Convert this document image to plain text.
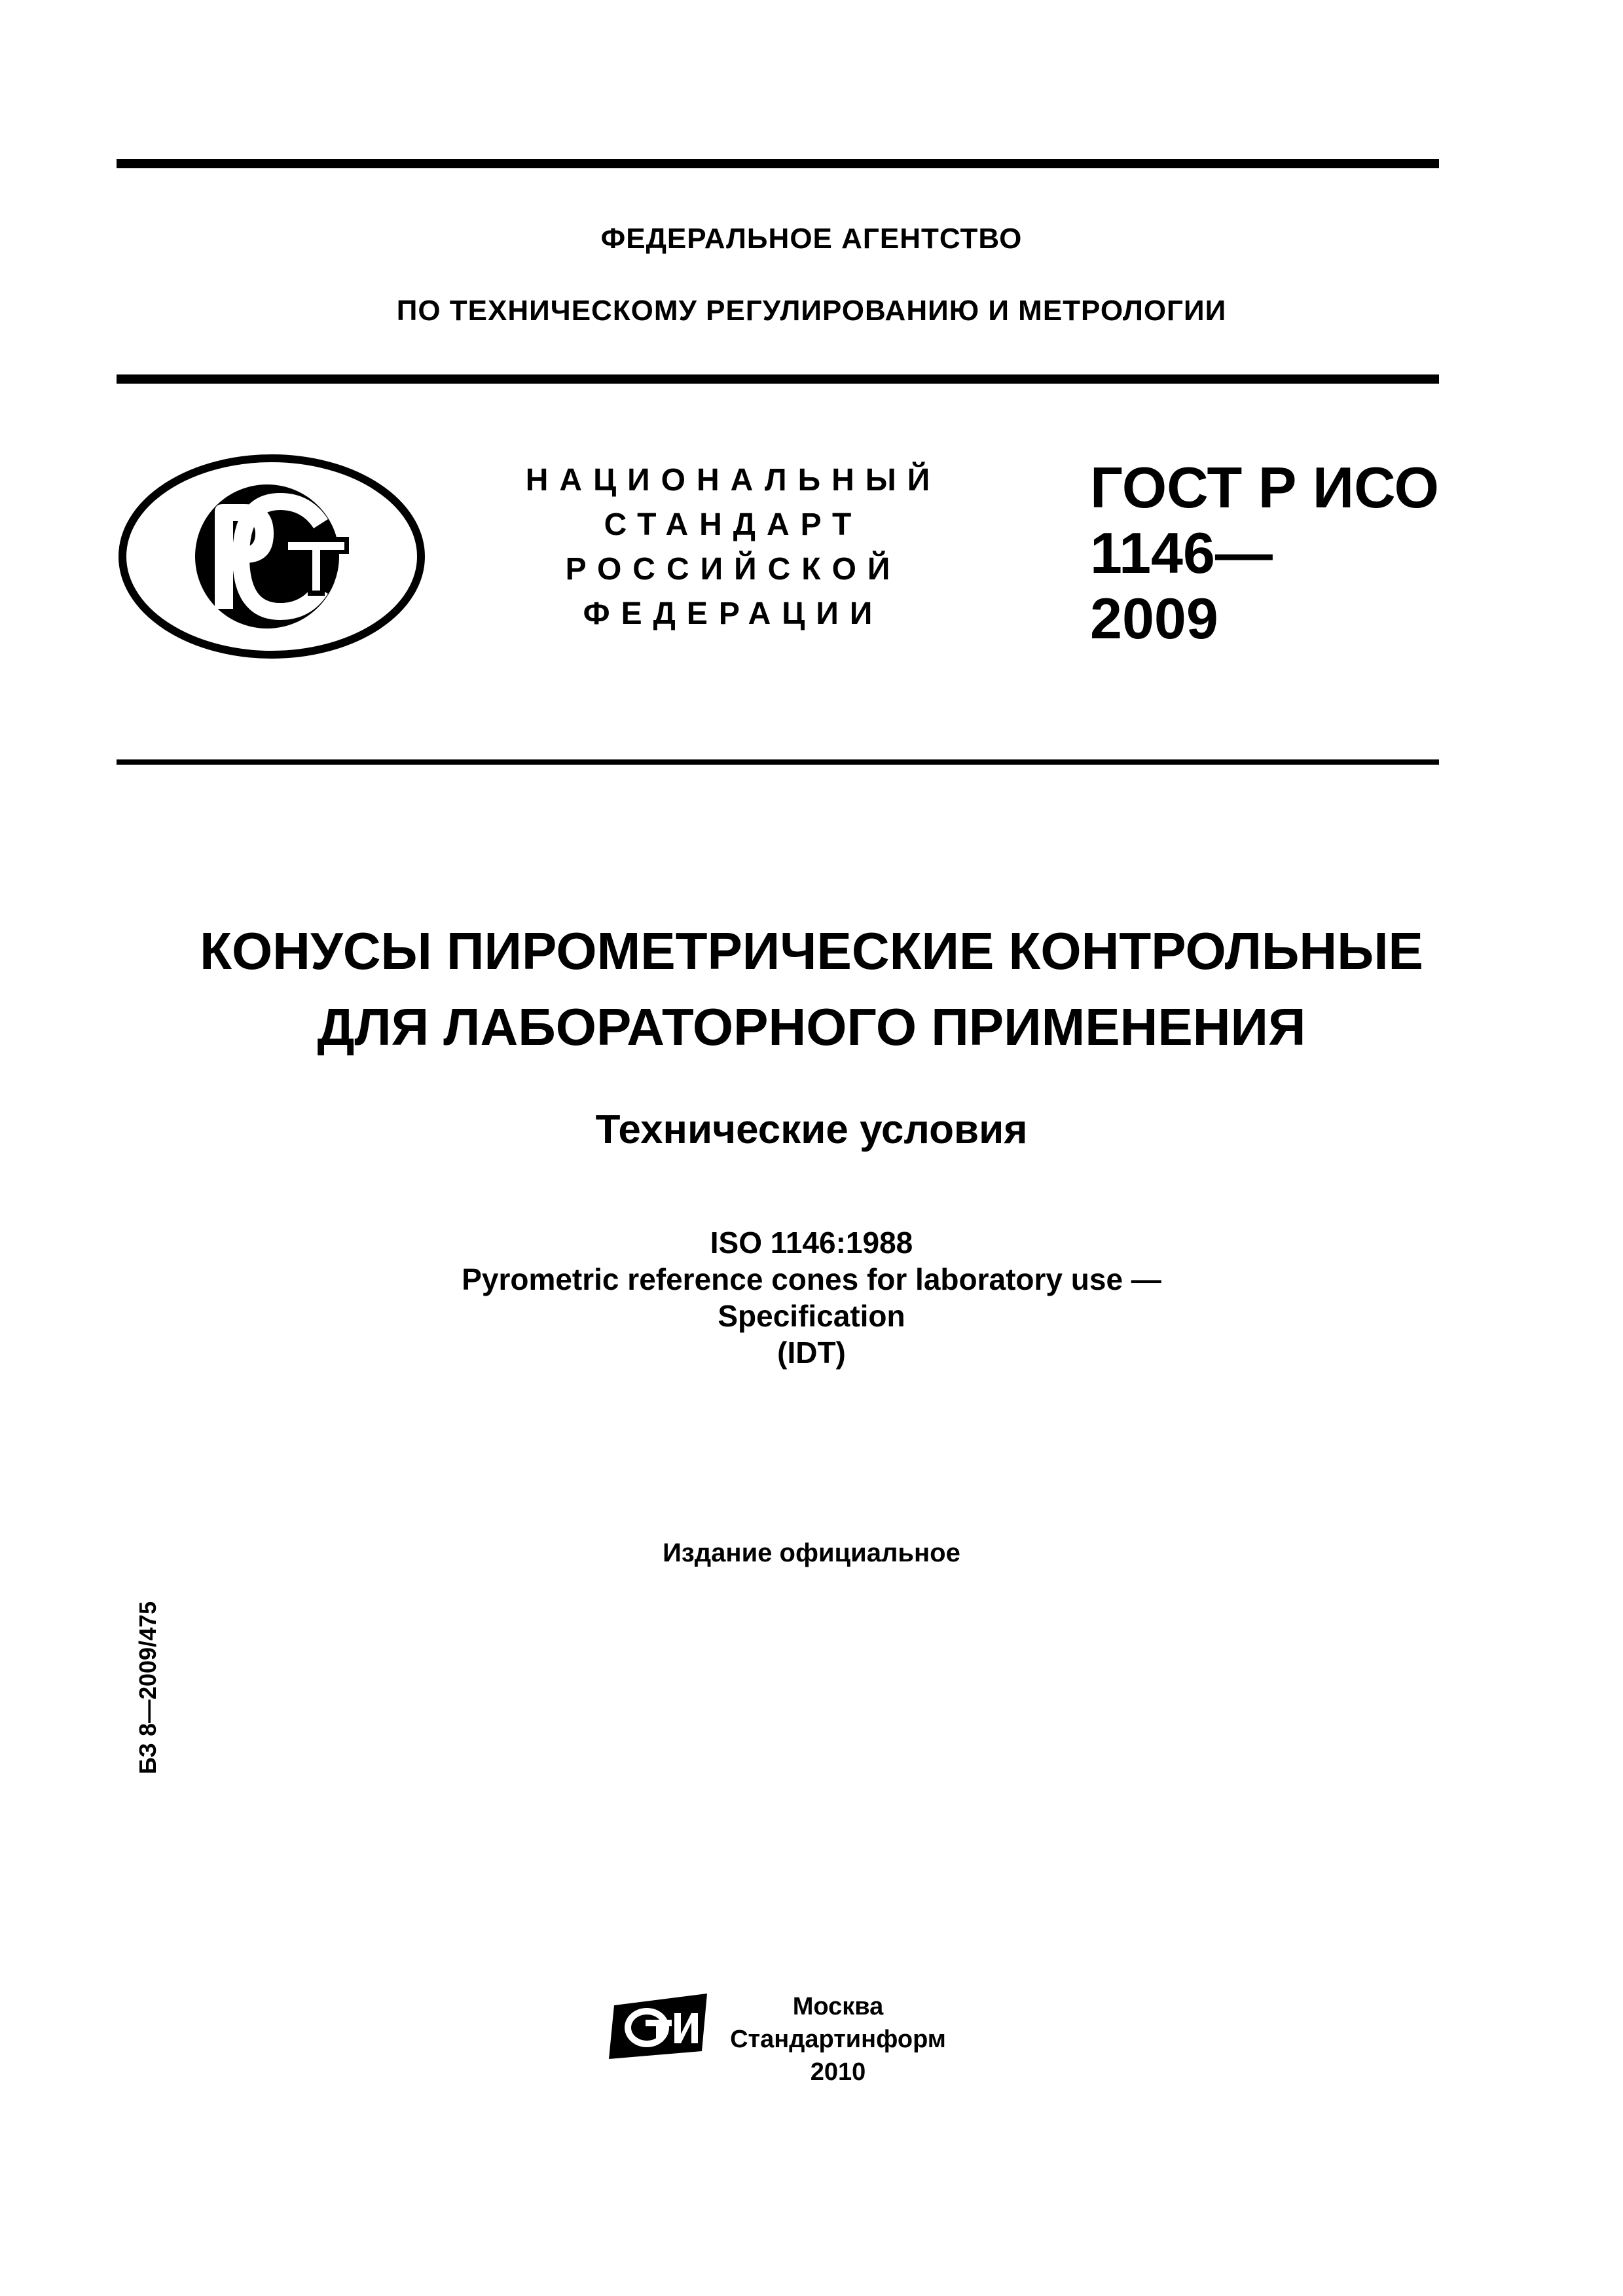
ФЕДЕРАЛЬНОЕ АГЕНТСТВО
ПО ТЕХНИЧЕСКОМУ РЕГУЛИРОВАНИЮ И МЕТРОЛОГИИ
НАЦИОНАЛЬНЫЙ
СТАНДАРТ
РОССИЙСКОЙ
ФЕДЕРАЦИИ
ГОСТ Р ИСО
1146—
2009
КОНУСЫ ПИРОМЕТРИЧЕСКИЕ КОНТРОЛЬНЫЕ
ДЛЯ ЛАБОРАТОРНОГО ПРИМЕНЕНИЯ
Технические условия
ISO 1146:1988
Pyrometric reference cones for laboratory use —
Specification
(IDT)
Издание официальное
БЗ 8—2009/475
Москва
Стандартинформ
2010
